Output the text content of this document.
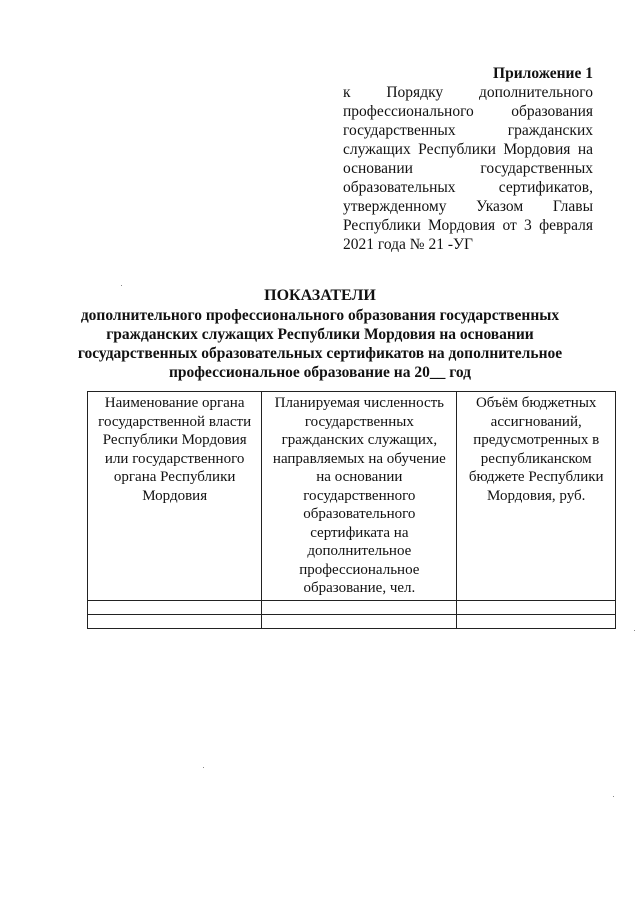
Приложение 1
к Порядку дополнительного
профессионального образования
государственных гражданских
служащих Республики Мордовия на
основании государственных
образовательных сертификатов,
утвержденному Указом Главы
Республики Мордовия от 3 февраля
2021 года № 21 -УГ
ПОКАЗАТЕЛИ
дополнительного профессионального образования государственных
гражданских служащих Республики Мордовия на основании
государственных образовательных сертификатов на дополнительное
профессиональное образование на 20__ год
Наименование органа государственной власти Республики Мордовия или государственного органа Республики Мордовия	Планируемая численность государственных гражданских служащих, направляемых на обучение на основании государственного образовательного сертификата на дополнительное профессиональное образование, чел.	Объём бюджетных ассигнований, предусмотренных в республиканском бюджете Республики Мордовия, руб.
